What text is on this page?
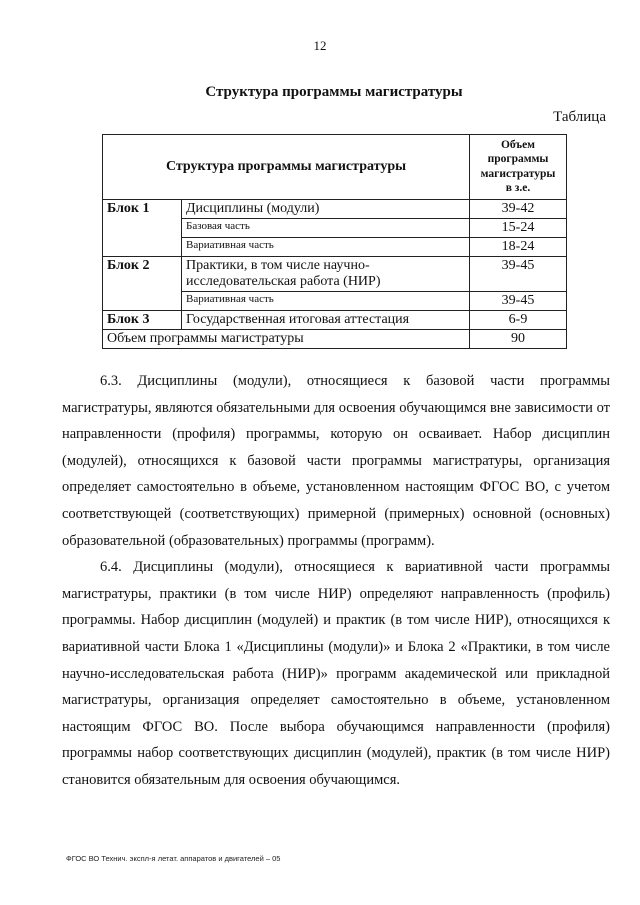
12
Структура программы магистратуры
Таблица
Структура программы магистратуры		Объем
программы
магистратуры
в з.е.

Блок 1	Дисциплины (модули)	39-42
	Базовая часть	15-24
	Вариативная часть	18-24
Блок 2	Практики, в том числе научно-исследовательская работа (НИР)	39-45
	Вариативная часть	39-45
Блок 3	Государственная итоговая аттестация	6-9
Объем программы магистратуры		90

6.3. Дисциплины (модули), относящиеся к базовой части программы магистратуры, являются обязательными для освоения обучающимся вне зависимости от направленности (профиля) программы, которую он осваивает. Набор дисциплин (модулей), относящихся к базовой части программы магистратуры, организация определяет самостоятельно в объеме, установленном настоящим ФГОС ВО, с учетом соответствующей (соответствующих) примерной (примерных) основной (основных) образовательной (образовательных) программы (программ).

6.4. Дисциплины (модули), относящиеся к вариативной части программы магистратуры, практики (в том числе НИР) определяют направленность (профиль) программы. Набор дисциплин (модулей) и практик (в том числе НИР), относящихся к вариативной части Блока 1 «Дисциплины (модули)» и Блока 2 «Практики, в том числе научно-исследовательская работа (НИР)» программ академической или прикладной магистратуры, организация определяет самостоятельно в объеме, установленном настоящим ФГОС ВО. После выбора обучающимся направленности (профиля) программы набор соответствующих дисциплин (модулей), практик (в том числе НИР) становится обязательным для освоения обучающимся.

ФГОС ВО Технич. экспл-я летат. аппаратов и двигателей – 05
